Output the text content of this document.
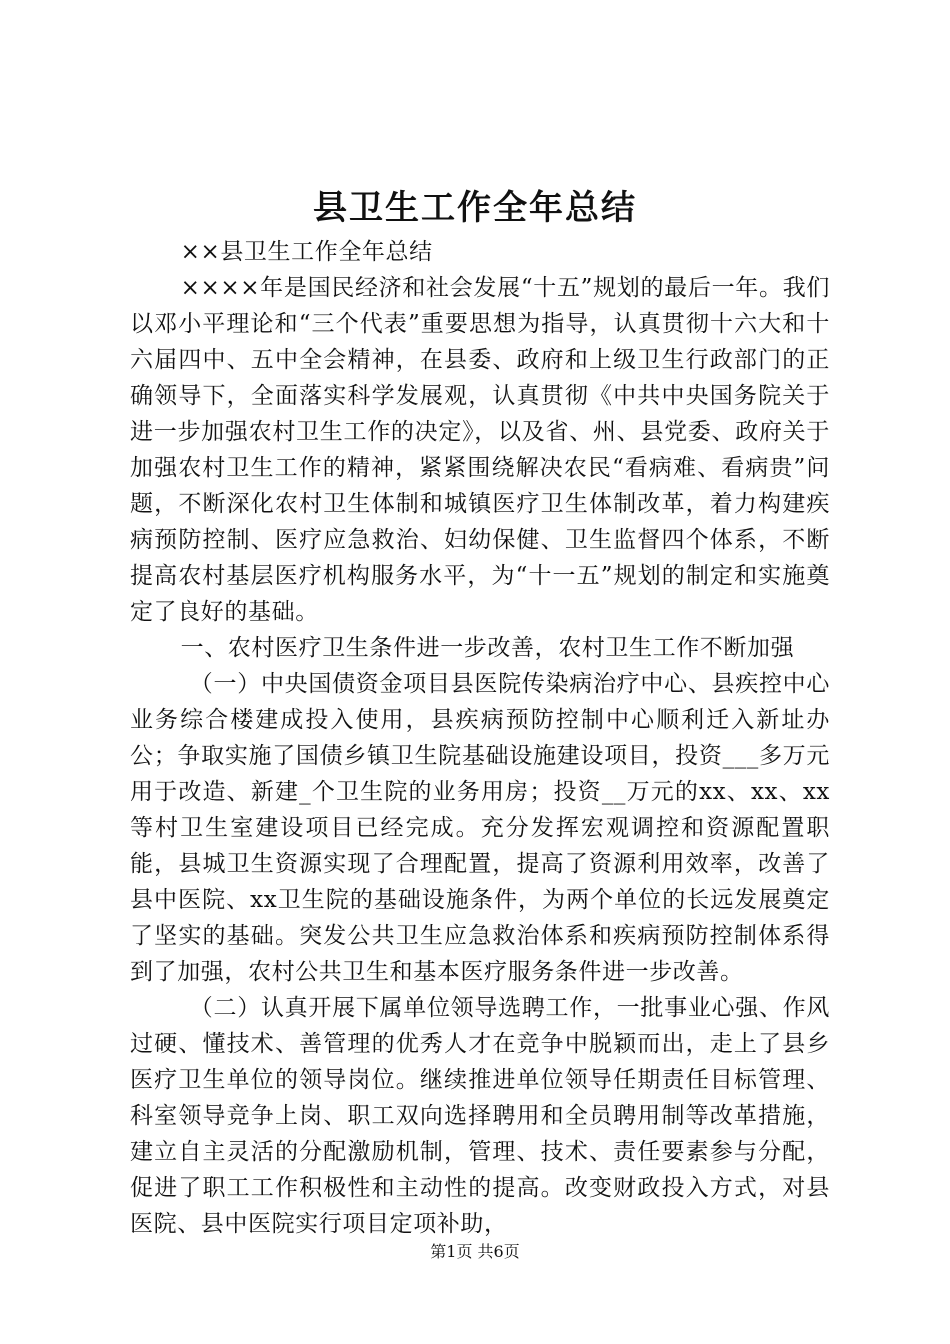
县卫生工作全年总结

××县卫生工作全年总结

××××年是国民经济和社会发展“十五”规划的最后一年。我们以邓小平理论和“三个代表”重要思想为指导，认真贯彻十六大和十六届四中、五中全会精神，在县委、政府和上级卫生行政部门的正确领导下，全面落实科学发展观，认真贯彻《中共中央国务院关于进一步加强农村卫生工作的决定》，以及省、州、县党委、政府关于加强农村卫生工作的精神，紧紧围绕解决农民“看病难、看病贵”问题，不断深化农村卫生体制和城镇医疗卫生体制改革，着力构建疾病预防控制、医疗应急救治、妇幼保健、卫生监督四个体系，不断提高农村基层医疗机构服务水平，为“十一五”规划的制定和实施奠定了良好的基础。

一、农村医疗卫生条件进一步改善，农村卫生工作不断加强

（一）中央国债资金项目县医院传染病治疗中心、县疾控中心业务综合楼建成投入使用，县疾病预防控制中心顺利迁入新址办公；争取实施了国债乡镇卫生院基础设施建设项目，投资___多万元用于改造、新建_个卫生院的业务用房；投资__万元的xx、xx、xx等村卫生室建设项目已经完成。充分发挥宏观调控和资源配置职能，县城卫生资源实现了合理配置，提高了资源利用效率，改善了县中医院、xx卫生院的基础设施条件，为两个单位的长远发展奠定了坚实的基础。突发公共卫生应急救治体系和疾病预防控制体系得到了加强，农村公共卫生和基本医疗服务条件进一步改善。

（二）认真开展下属单位领导选聘工作，一批事业心强、作风过硬、懂技术、善管理的优秀人才在竞争中脱颖而出，走上了县乡医疗卫生单位的领导岗位。继续推进单位领导任期责任目标管理、科室领导竞争上岗、职工双向选择聘用和全员聘用制等改革措施，建立自主灵活的分配激励机制，管理、技术、责任要素参与分配，促进了职工工作积极性和主动性的提高。改变财政投入方式，对县医院、县中医院实行项目定项补助，

第1页 共6页
